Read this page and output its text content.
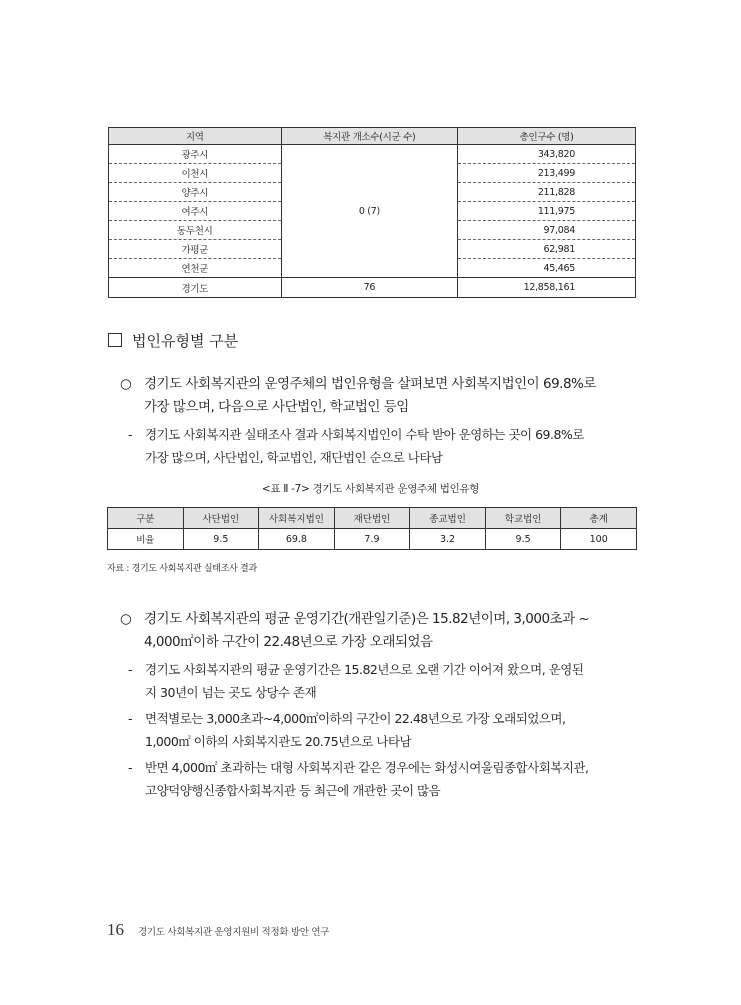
지역	복지관 개소수(시군 수)	총인구수 (명)
광주시	0 (7)	343,820
이천시		213,499
양주시		211,828
여주시		111,975
동두천시		97,084
가평군		62,981
연천군		45,465
경기도	76	12,858,161
법인유형별 구분
○ 경기도 사회복지관의 운영주체의 법인유형을 살펴보면 사회복지법인이 69.8%로
가장 많으며, 다음으로 사단법인, 학교법인 등임
-	경기도 사회복지관 실태조사 결과 사회복지법인이 수탁 받아 운영하는 곳이 69.8%로
가장 많으며, 사단법인, 학교법인, 재단법인 순으로 나타남
<표 Ⅱ -7> 경기도 사회복지관 운영주체 법인유형
구분	사단법인	사회복지법인	재단법인	종교법인	학교법인	총계
비율	9.5	69.8	7.9	3.2	9.5	100
자료 : 경기도 사회복지관 실태조사 결과
○ 경기도 사회복지관의 평균 운영기간(개관일기준)은 15.82년이며, 3,000초과 ~
4,000㎡이하 구간이 22.48년으로 가장 오래되었음
-	경기도 사회복지관의 평균 운영기간은 15.82년으로 오랜 기간 이어져 왔으며, 운영된
지 30년이 넘는 곳도 상당수 존재
-	면적별로는 3,000초과~4,000㎡이하의 구간이 22.48년으로 가장 오래되었으며,
1,000㎡ 이하의 사회복지관도 20.75년으로 나타남
-	반면 4,000㎡ 초과하는 대형 사회복지관 같은 경우에는 화성시여울림종합사회복지관,
고양덕양행신종합사회복지관 등 최근에 개관한 곳이 많음
16 경기도 사회복지관 운영지원비 적정화 방안 연구
